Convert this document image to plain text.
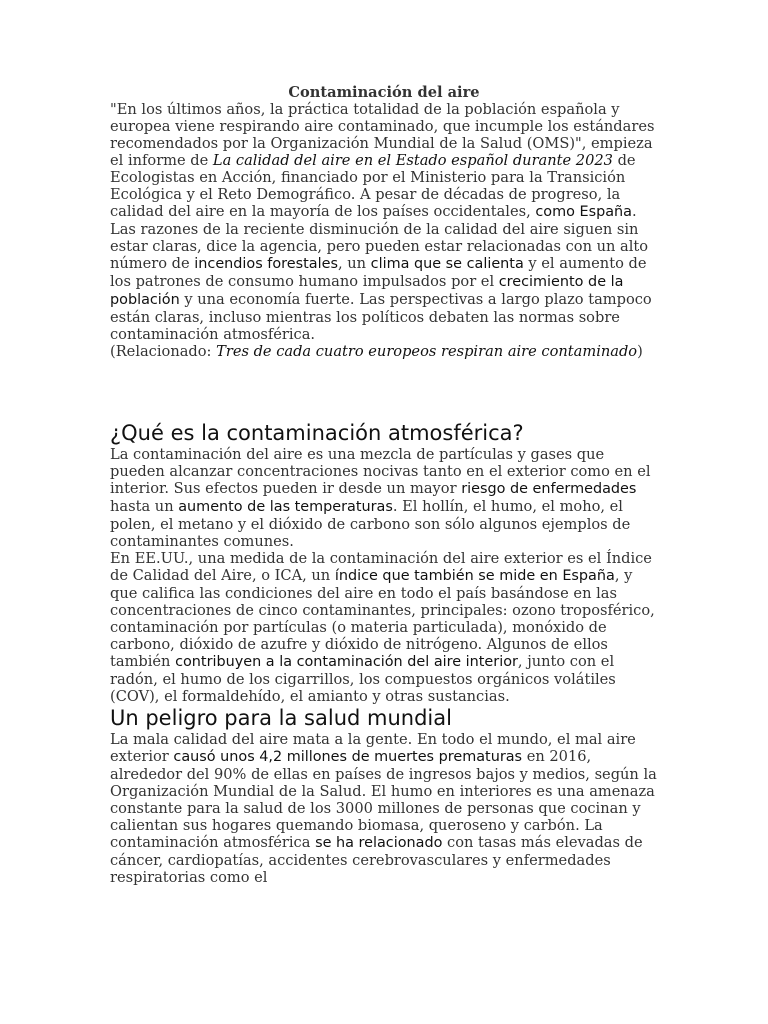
Contaminación del aire

"En los últimos años, la práctica totalidad de la población española y europea viene respirando aire contaminado, que incumple los estándares recomendados por la Organización Mundial de la Salud (OMS)", empieza el informe de La calidad del aire en el Estado español durante 2023 de Ecologistas en Acción, financiado por el Ministerio para la Transición Ecológica y el Reto Demográfico. A pesar de décadas de progreso, la calidad del aire en la mayoría de los países occidentales, como España.

Las razones de la reciente disminución de la calidad del aire siguen sin estar claras, dice la agencia, pero pueden estar relacionadas con un alto número de incendios forestales, un clima que se calienta y el aumento de los patrones de consumo humano impulsados por el crecimiento de la población y una economía fuerte. Las perspectivas a largo plazo tampoco están claras, incluso mientras los políticos debaten las normas sobre contaminación atmosférica.

(Relacionado: Tres de cada cuatro europeos respiran aire contaminado)

¿Qué es la contaminación atmosférica?

La contaminación del aire es una mezcla de partículas y gases que pueden alcanzar concentraciones nocivas tanto en el exterior como en el interior. Sus efectos pueden ir desde un mayor riesgo de enfermedades hasta un aumento de las temperaturas. El hollín, el humo, el moho, el polen, el metano y el dióxido de carbono son sólo algunos ejemplos de contaminantes comunes.

En EE.UU., una medida de la contaminación del aire exterior es el Índice de Calidad del Aire, o ICA, un índice que también se mide en España, y que califica las condiciones del aire en todo el país basándose en las concentraciones de cinco contaminantes, principales: ozono troposférico, contaminación por partículas (o materia particulada), monóxido de carbono, dióxido de azufre y dióxido de nitrógeno. Algunos de ellos también contribuyen a la contaminación del aire interior, junto con el radón, el humo de los cigarrillos, los compuestos orgánicos volátiles (COV), el formaldehído, el amianto y otras sustancias.

Un peligro para la salud mundial

La mala calidad del aire mata a la gente. En todo el mundo, el mal aire exterior causó unos 4,2 millones de muertes prematuras en 2016, alrededor del 90% de ellas en países de ingresos bajos y medios, según la Organización Mundial de la Salud. El humo en interiores es una amenaza constante para la salud de los 3000 millones de personas que cocinan y calientan sus hogares quemando biomasa, queroseno y carbón. La contaminación atmosférica se ha relacionado con tasas más elevadas de cáncer, cardiopatías, accidentes cerebrovasculares y enfermedades respiratorias como el
